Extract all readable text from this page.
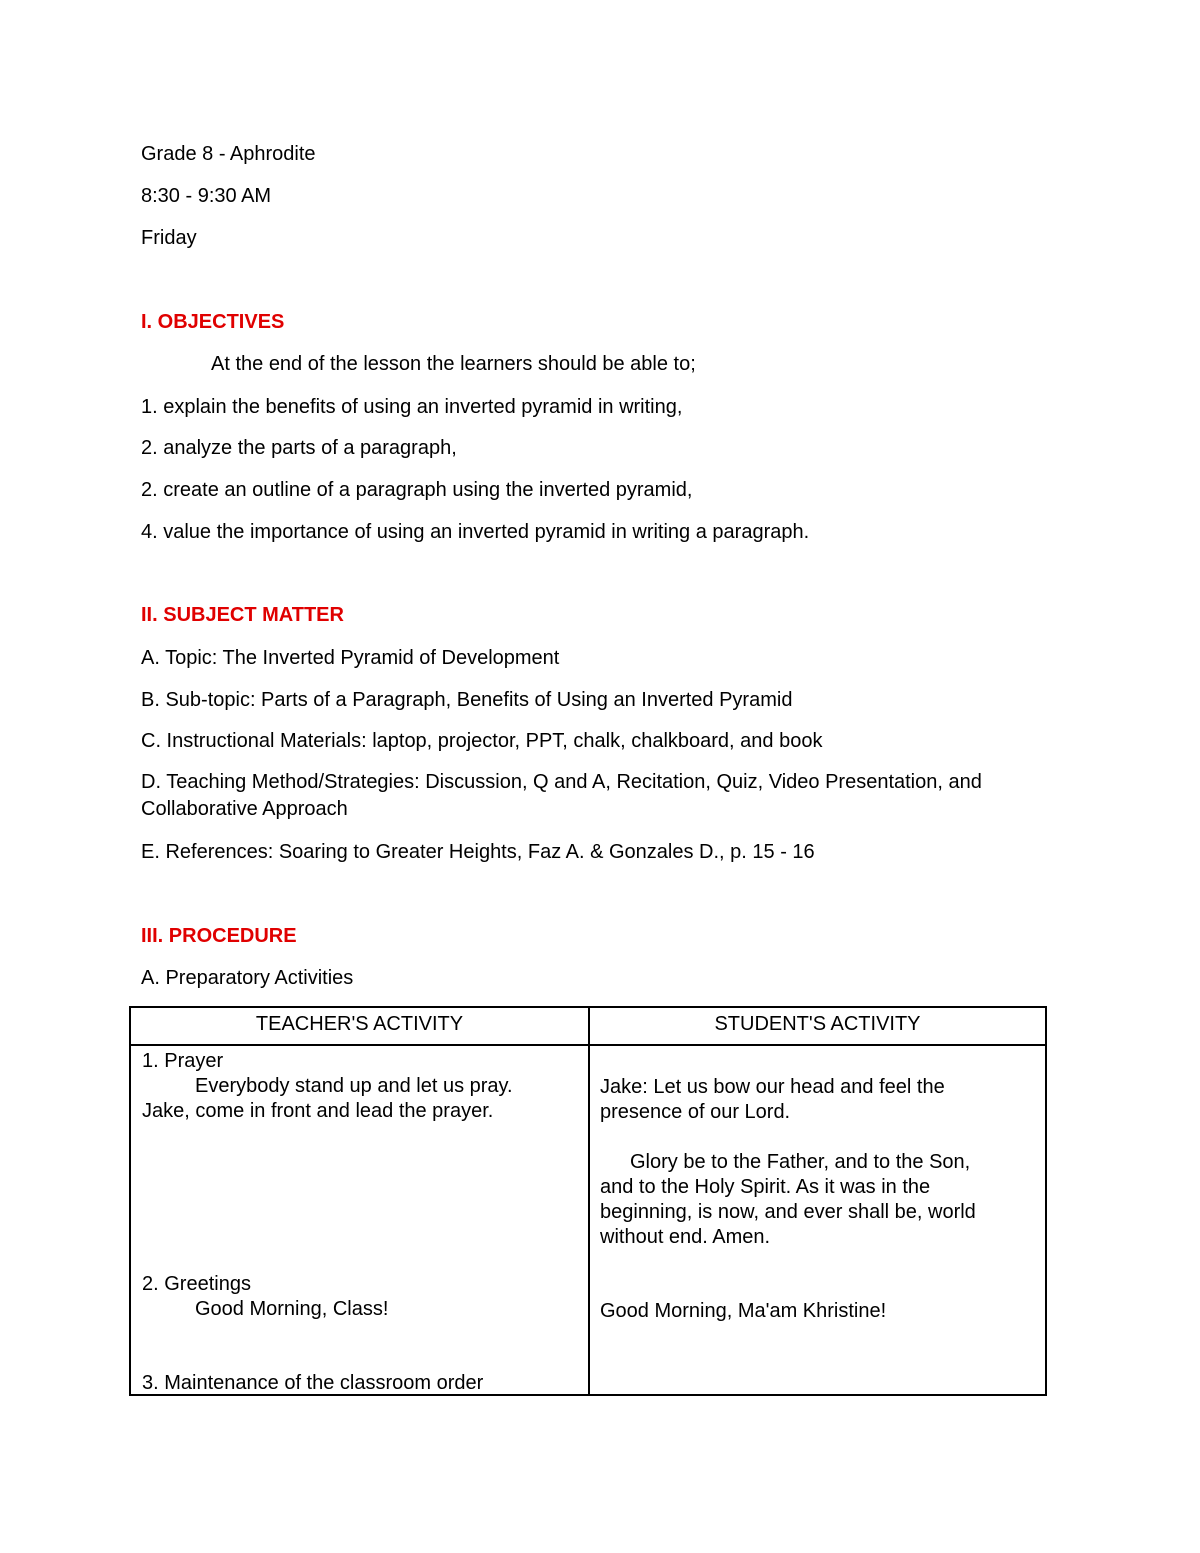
Grade 8 - Aphrodite
8:30 - 9:30 AM
Friday
I. OBJECTIVES
At the end of the lesson the learners should be able to;
1. explain the benefits of using an inverted pyramid in writing,
2. analyze the parts of a paragraph,
2. create an outline of a paragraph using the inverted pyramid,
4. value the importance of using an inverted pyramid in writing a paragraph.
II. SUBJECT MATTER
A. Topic: The Inverted Pyramid of Development
B. Sub-topic: Parts of a Paragraph, Benefits of Using an Inverted Pyramid
C. Instructional Materials: laptop, projector, PPT, chalk, chalkboard, and book
D. Teaching Method/Strategies: Discussion, Q and A, Recitation, Quiz, Video Presentation, and Collaborative Approach
E. References: Soaring to Greater Heights, Faz A. & Gonzales D., p. 15 - 16
III. PROCEDURE
A. Preparatory Activities
TEACHER'S ACTIVITY	STUDENT'S ACTIVITY
1. Prayer
Everybody stand up and let us pray.
Jake, come in front and lead the prayer.
2. Greetings
Good Morning, Class!
3. Maintenance of the classroom order
Jake: Let us bow our head and feel the
presence of our Lord.
Glory be to the Father, and to the Son,
and to the Holy Spirit. As it was in the
beginning, is now, and ever shall be, world
without end. Amen.
Good Morning, Ma'am Khristine!
